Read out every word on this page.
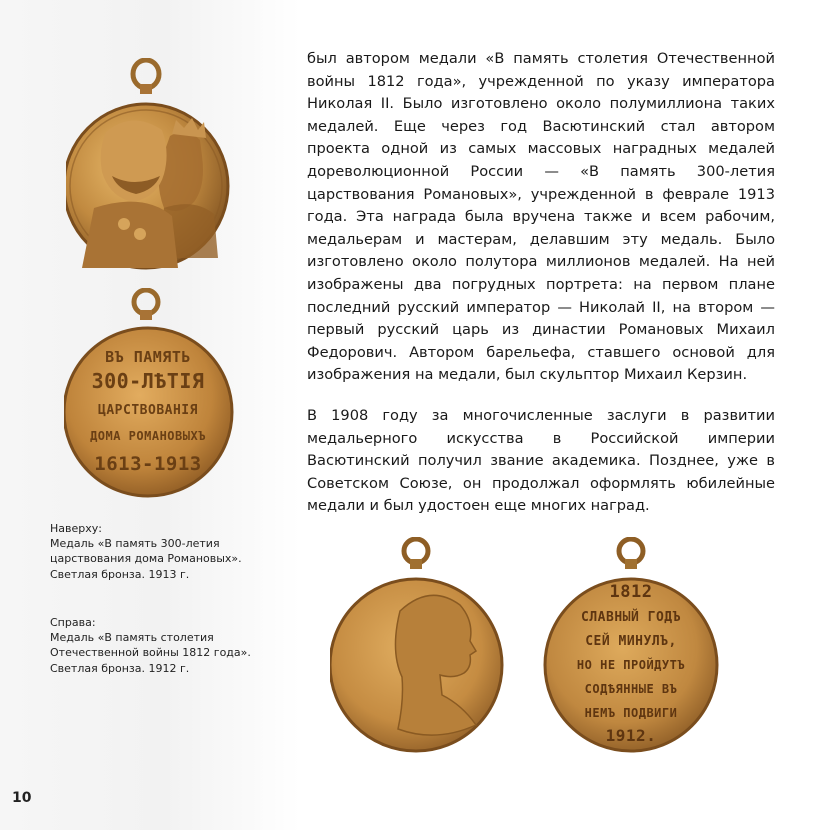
ВЪ ПАМЯТЬ
300-ЛѢТІЯ
ЦАРСТВОВАНІЯ
ДОМА РОМАНОВЫХЪ
1613-1913
1812
СЛАВНЫЙ ГОДЪ
СЕЙ МИНУЛЪ,
НО НЕ ПРОЙДУТЪ
СОДѢЯННЫЕ ВЪ
НЕМЪ ПОДВИГИ
1912.

был автором медали «В память столетия Отечественной войны 1812 года», учрежденной по указу императора Николая II. Было изготовлено около полумиллиона таких медалей. Еще через год Васютинский стал автором проекта одной из самых массовых наградных медалей дореволюционной России — «В память 300-летия царствования Романовых», учрежденной в феврале 1913 года. Эта награда была вручена также и всем рабочим, медальерам и мастерам, делавшим эту медаль. Было изготовлено около полутора миллионов медалей. На ней изображены два погрудных портрета: на первом плане последний русский император — Николай II, на втором — первый русский царь из династии Романовых Михаил Федорович. Автором барельефа, ставшего основой для изображения на медали, был скульптор Михаил Керзин.

В 1908 году за многочисленные заслуги в развитии медальерного искусства в Российской империи Васютинский получил звание академика. Позднее, уже в Советском Союзе, он продолжал оформлять юбилейные медали и был удостоен еще многих наград.

Наверху:
Медаль «В память 300-летия
царствования дома Романовых».
Светлая бронза. 1913 г.
Справа:
Медаль «В память столетия
Отечественной войны 1812 года».
Светлая бронза. 1912 г.
10
